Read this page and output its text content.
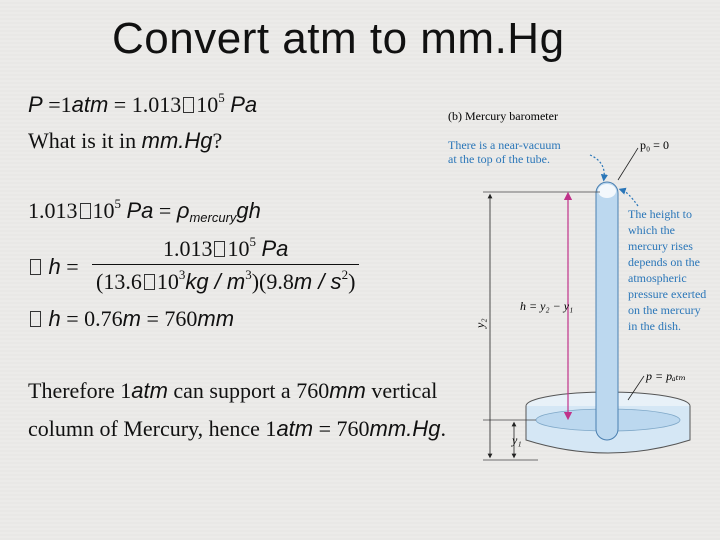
Convert atm to mm.Hg
P =1atm = 1.013 $10^5$ Pa
What is it in mm.Hg?
1.013 $10^5$ $Pa = \rho_{mercury}gh$
h =
1.013 $10^5$ Pa
(13.6 $10^3kg / m^3)(9.8m / s^2)$
h = 0.76m = 760mm
Therefore 1atm can support a 760mm vertical
column of Mercury, hence 1atm = 760mm.Hg.
(b) Mercury barometer
There is a near-vacuum
at the top of the tube.
p₀ = 0
h = y₂ − y₁
y₂
y₁
The height to
which the
mercury rises
depends on the
atmospheric
pressure exerted
on the mercury
in the dish.
p = pₐₜₘ
